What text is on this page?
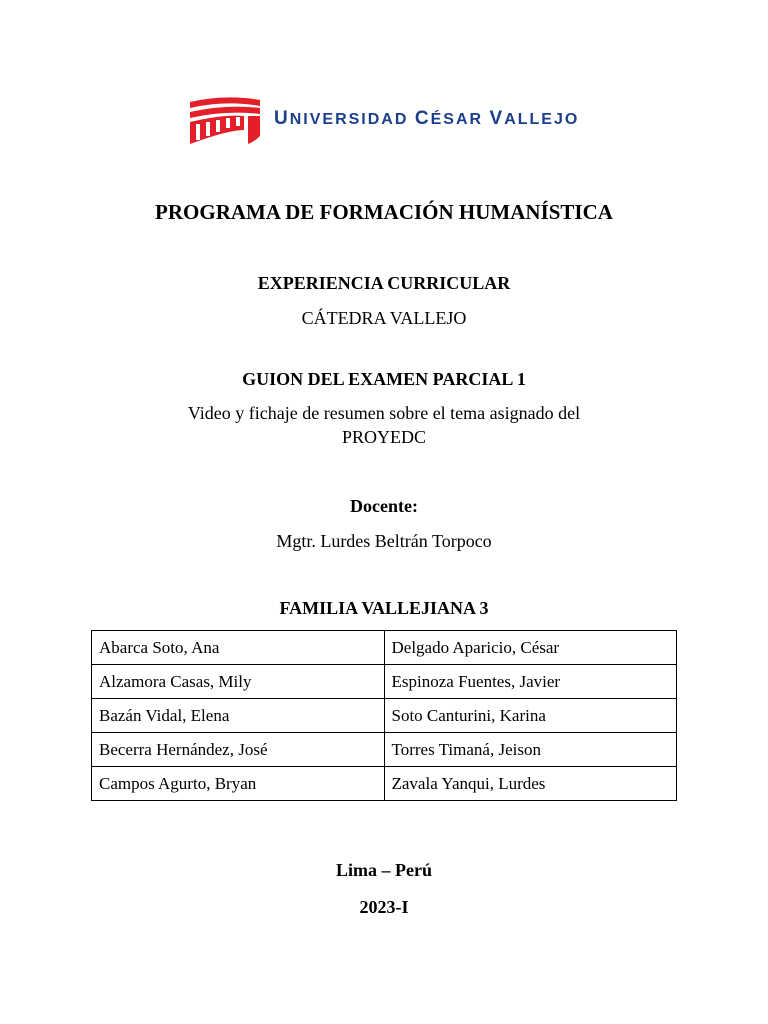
UNIVERSIDAD CÉSAR VALLEJO
PROGRAMA DE FORMACIÓN HUMANÍSTICA
EXPERIENCIA CURRICULAR
CÁTEDRA VALLEJO
GUION DEL EXAMEN PARCIAL 1
Video y fichaje de resumen sobre el tema asignado del
PROYEDC
Docente:
Mgtr. Lurdes Beltrán Torpoco
FAMILIA VALLEJIANA 3
Abarca Soto, Ana	Delgado Aparicio, César
Alzamora Casas, Mily	Espinoza Fuentes, Javier
Bazán Vidal, Elena	Soto Canturini, Karina
Becerra Hernández, José	Torres Timaná, Jeison
Campos Agurto, Bryan	Zavala Yanqui, Lurdes
Lima – Perú
2023-I
